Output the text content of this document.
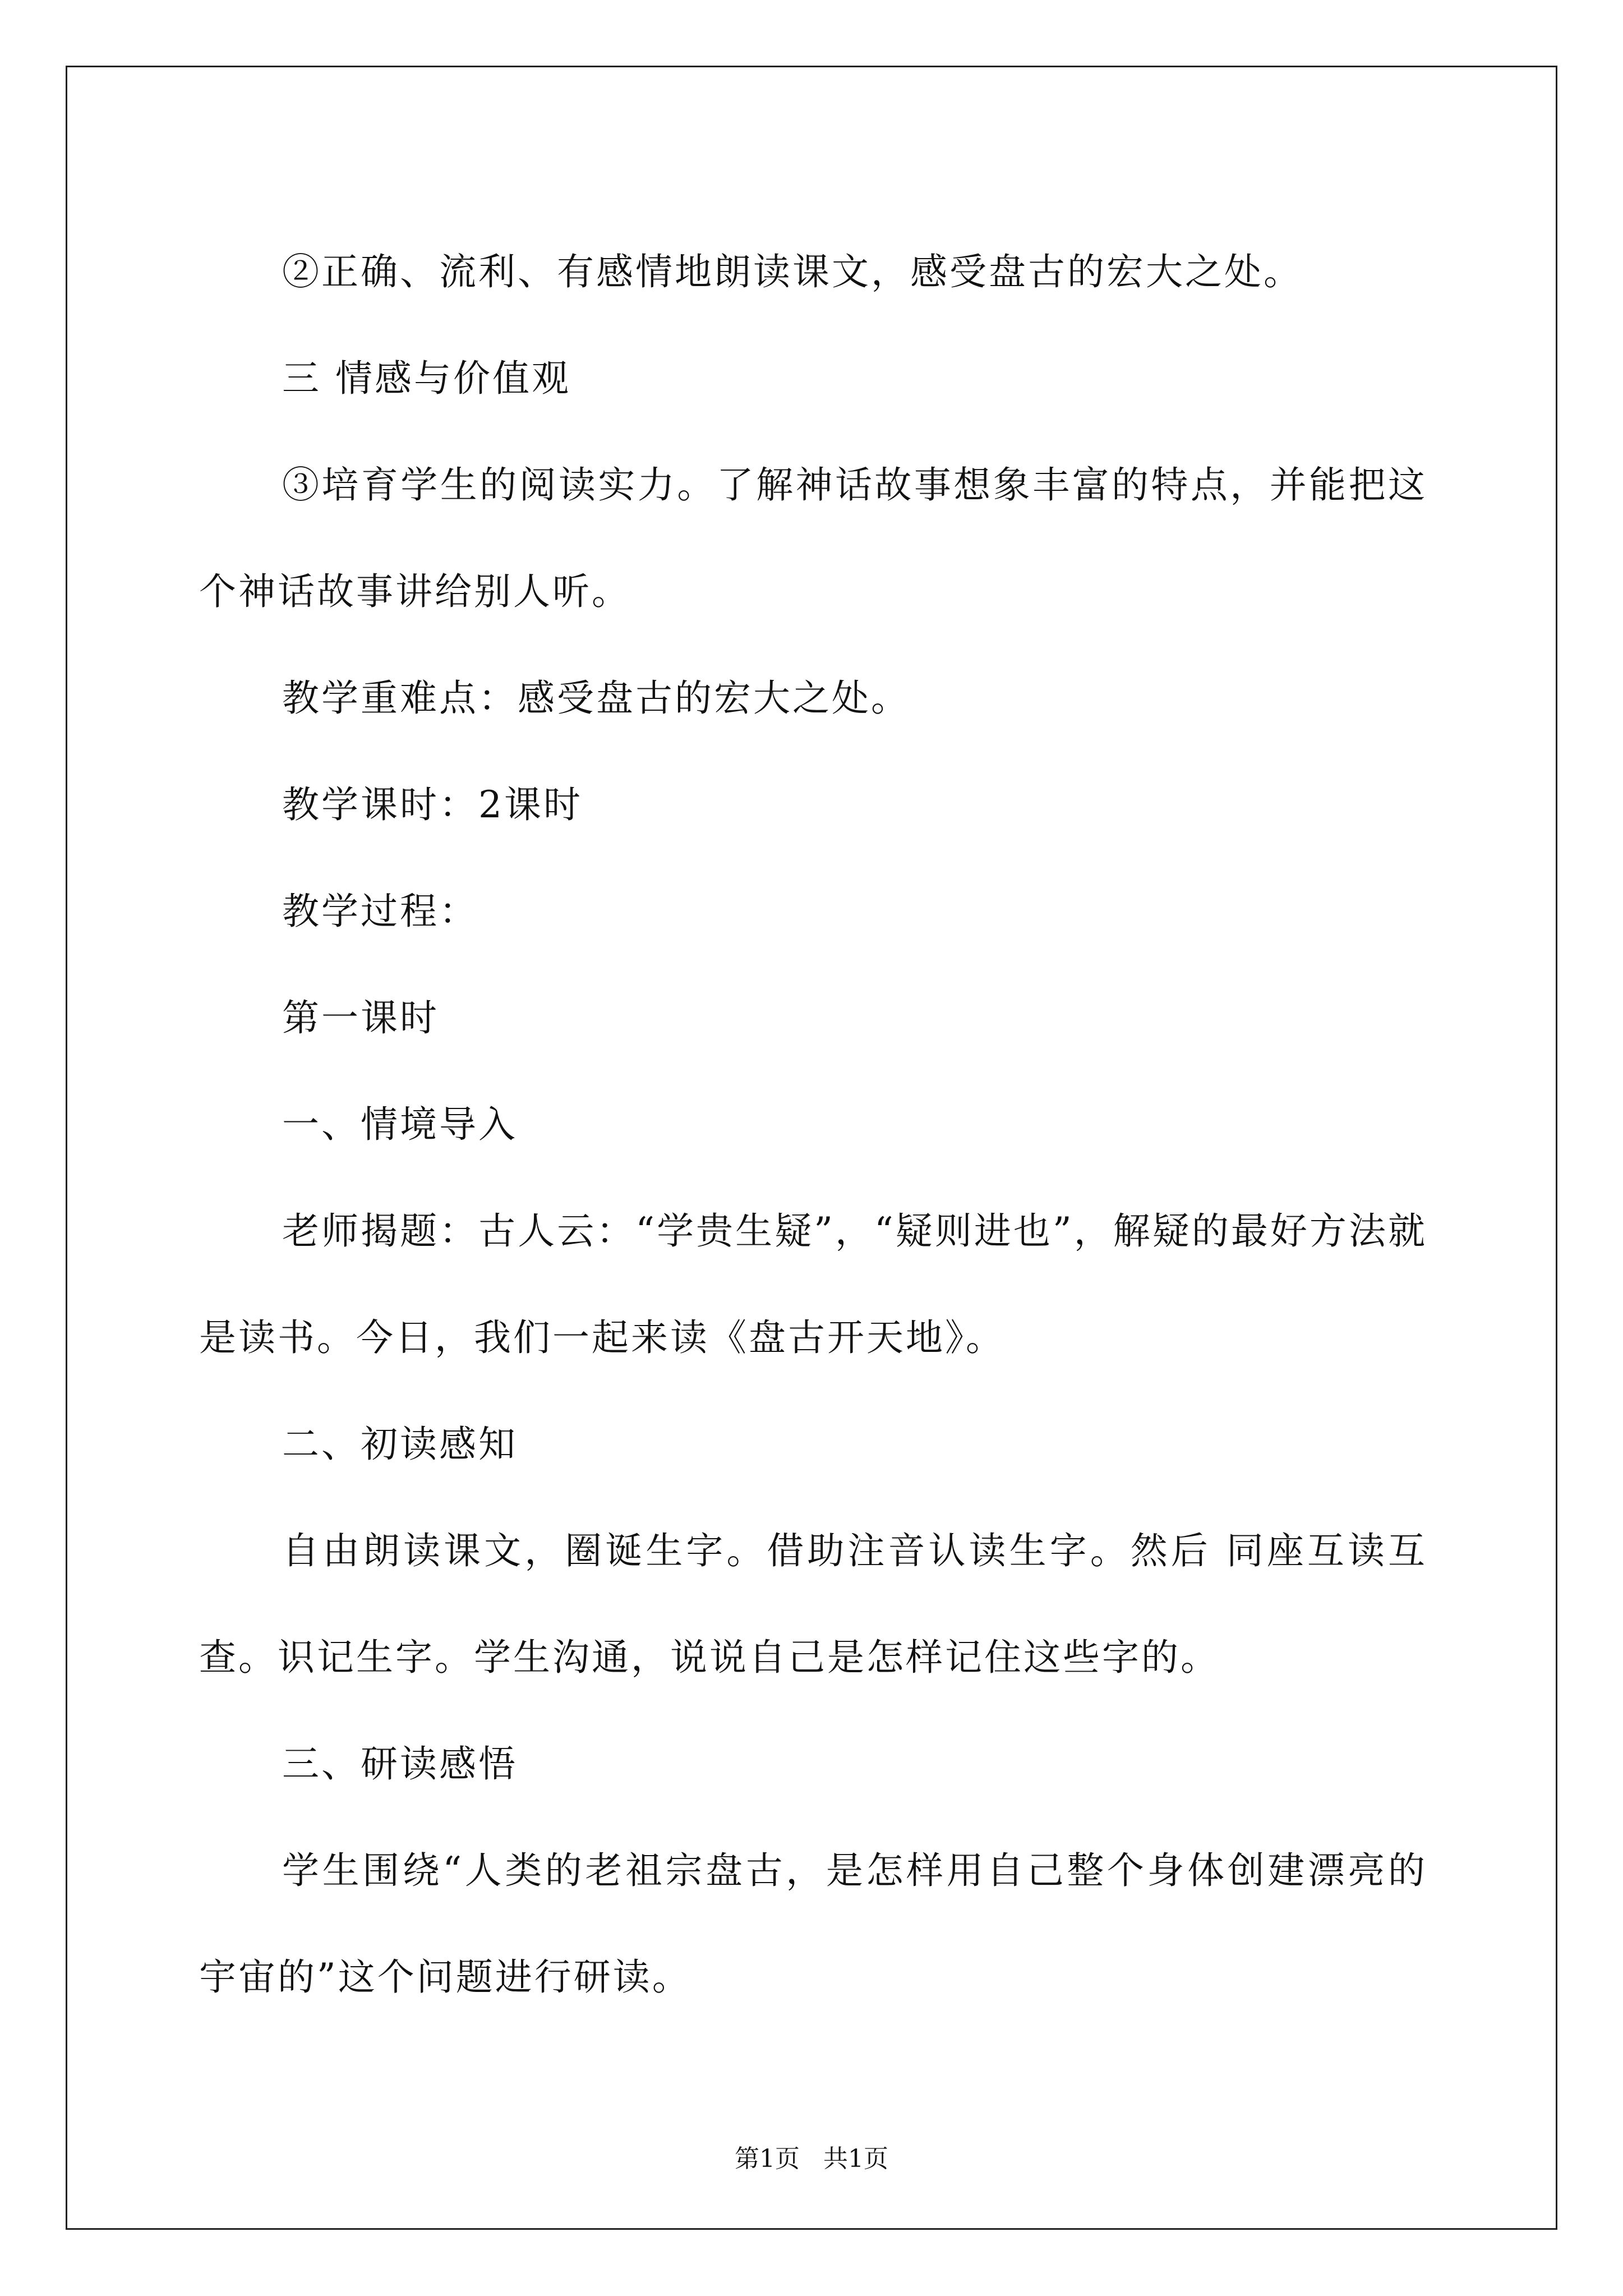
②正确、流利、有感情地朗读课文，感受盘古的宏大之处。

三 情感与价值观

③培育学生的阅读实力。了解神话故事想象丰富的特点，并能把这个神话故事讲给别人听。

教学重难点：感受盘古的宏大之处。

教学课时：2课时

教学过程：

第一课时

一、情境导入

老师揭题：古人云：“学贵生疑”，“疑则进也”，解疑的最好方法就是读书。今日，我们一起来读《盘古开天地》。

二、初读感知

自由朗读课文，圈诞生字。借助注音认读生字。然后 同座互读互查。识记生字。学生沟通，说说自己是怎样记住这些字的。

三、研读感悟

学生围绕“人类的老祖宗盘古，是怎样用自己整个身体创建漂亮的宇宙的”这个问题进行研读。

第1页 共1页
